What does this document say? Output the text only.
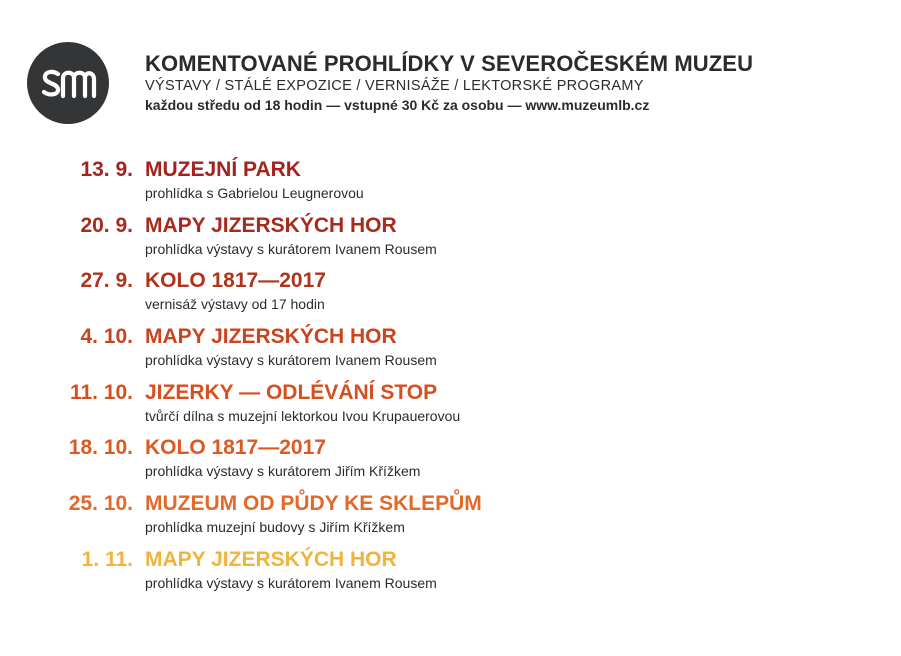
KOMENTOVANÉ PROHLÍDKY V SEVEROČESKÉM MUZEU
VÝSTAVY / STÁLÉ EXPOZICE / VERNISÁŽE / LEKTORSKÉ PROGRAMY
každou středu od 18 hodin — vstupné 30 Kč za osobu — www.muzeumlb.cz
13. 9. MUZEJNÍ PARK
prohlídka s Gabrielou Leugnerovou
20. 9. MAPY JIZERSKÝCH HOR
prohlídka výstavy s kurátorem Ivanem Rousem
27. 9. KOLO 1817—2017
vernisáž výstavy od 17 hodin
4. 10. MAPY JIZERSKÝCH HOR
prohlídka výstavy s kurátorem Ivanem Rousem
11. 10. JIZERKY — ODLÉVÁNÍ STOP
tvůrčí dílna s muzejní lektorkou Ivou Krupauerovou
18. 10. KOLO 1817—2017
prohlídka výstavy s kurátorem Jiřím Křížkem
25. 10. MUZEUM OD PŮDY KE SKLEPŮM
prohlídka muzejní budovy s Jiřím Křížkem
1. 11. MAPY JIZERSKÝCH HOR
prohlídka výstavy s kurátorem Ivanem Rousem
